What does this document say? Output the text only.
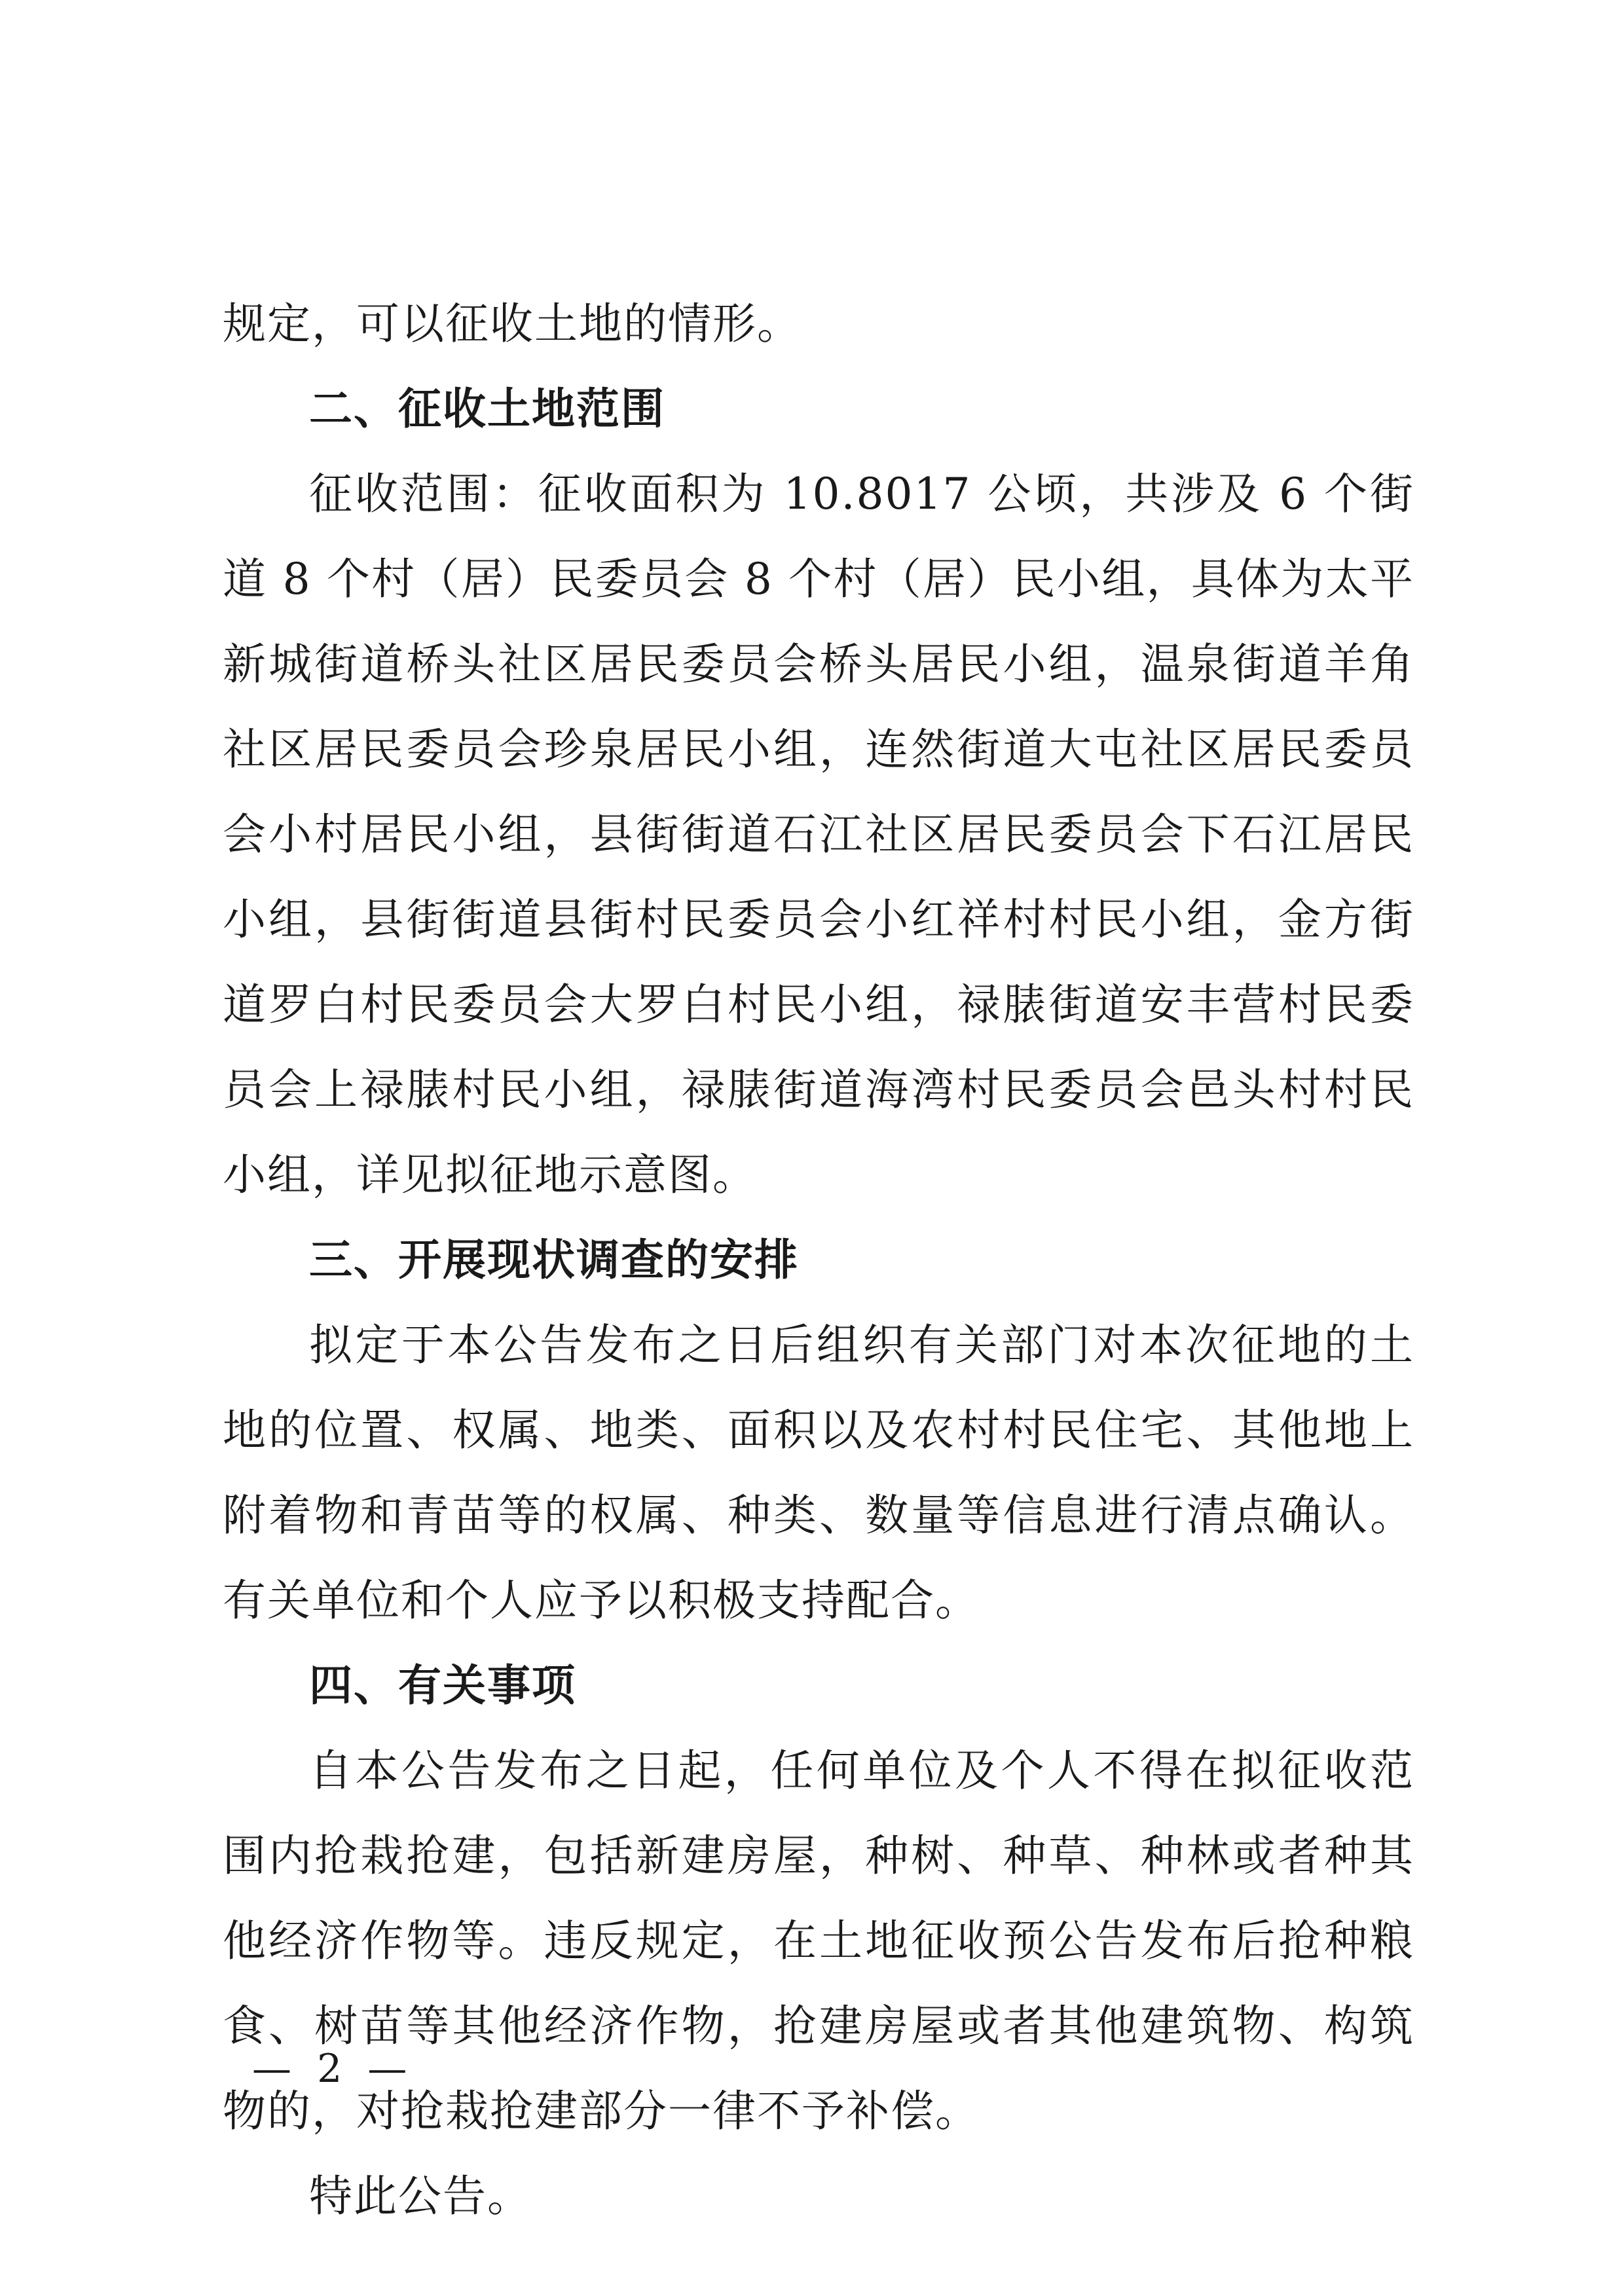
规定，可以征收土地的情形。

二、征收土地范围

征收范围：征收面积为 10.8017 公顷，共涉及 6 个街道 8 个村（居）民委员会 8 个村（居）民小组，具体为太平新城街道桥头社区居民委员会桥头居民小组，温泉街道羊角社区居民委员会珍泉居民小组，连然街道大屯社区居民委员会小村居民小组，县街街道石江社区居民委员会下石江居民小组，县街街道县街村民委员会小红祥村村民小组，金方街道罗白村民委员会大罗白村民小组，禄脿街道安丰营村民委员会上禄脿村民小组，禄脿街道海湾村民委员会邑头村村民小组，详见拟征地示意图。

三、开展现状调查的安排

拟定于本公告发布之日后组织有关部门对本次征地的土地的位置、权属、地类、面积以及农村村民住宅、其他地上附着物和青苗等的权属、种类、数量等信息进行清点确认。有关单位和个人应予以积极支持配合。

四、有关事项

自本公告发布之日起，任何单位及个人不得在拟征收范围内抢栽抢建，包括新建房屋，种树、种草、种林或者种其他经济作物等。违反规定，在土地征收预公告发布后抢种粮食、树苗等其他经济作物，抢建房屋或者其他建筑物、构筑物的，对抢栽抢建部分一律不予补偿。

特此公告。

— 2 —
